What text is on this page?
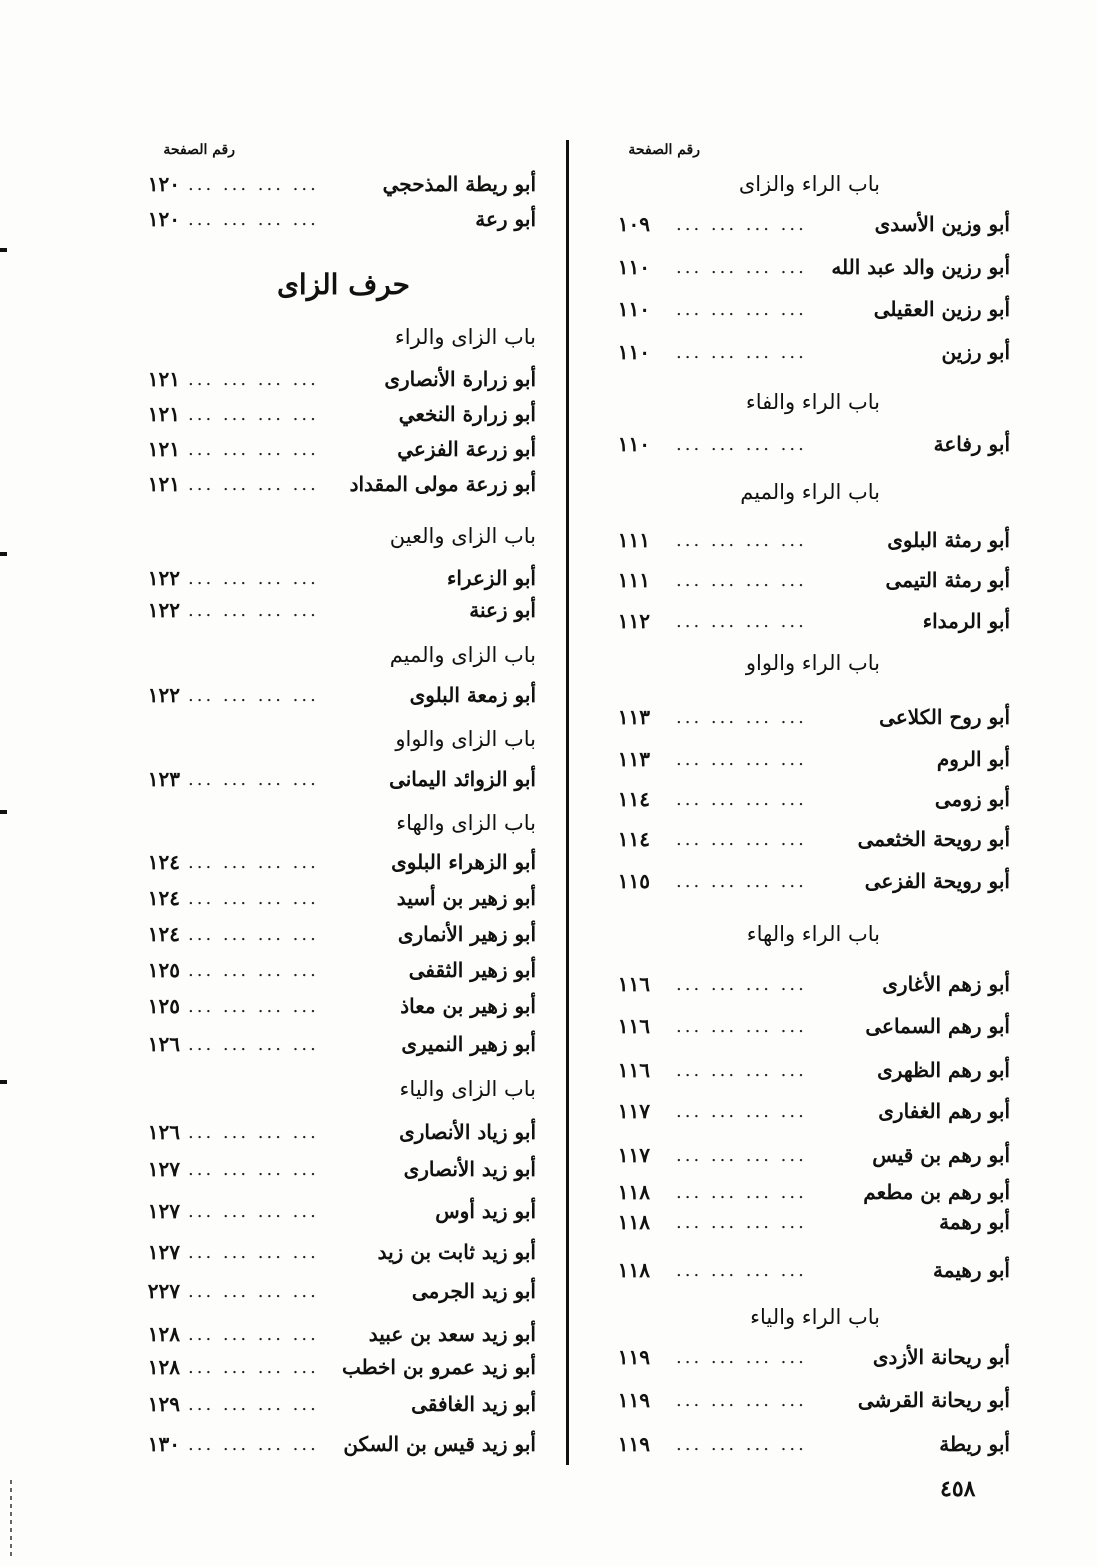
رقم الصفحة
أبو ريطة المذحجي
... ... ... ...
١٢٠
أبو رعة
... ... ... ...
١٢٠
حرف الزاى
باب الزاى والراء
أبو زرارة الأنصارى
... ... ... ...
١٢١
أبو زرارة النخعي
... ... ... ...
١٢١
أبو زرعة الفزعي
... ... ... ...
١٢١
أبو زرعة مولى المقداد
... ... ... ...
١٢١
باب الزاى والعين
أبو الزعراء
... ... ... ...
١٢٢
أبو زعنة
... ... ... ...
١٢٢
باب الزاى والميم
أبو زمعة البلوى
... ... ... ...
١٢٢
باب الزاى والواو
أبو الزوائد اليمانى
... ... ... ...
١٢٣
باب الزاى والهاء
أبو الزهراء البلوى
... ... ... ...
١٢٤
أبو زهير بن أسيد
... ... ... ...
١٢٤
أبو زهير الأنمارى
... ... ... ...
١٢٤
أبو زهير الثقفى
... ... ... ...
١٢٥
أبو زهير بن معاذ
... ... ... ...
١٢٥
أبو زهير النميرى
... ... ... ...
١٢٦
باب الزاى والياء
أبو زياد الأنصارى
... ... ... ...
١٢٦
أبو زيد الأنصارى
... ... ... ...
١٢٧
أبو زيد أوس
... ... ... ...
١٢٧
أبو زيد ثابت بن زيد
... ... ... ...
١٢٧
أبو زيد الجرمى
... ... ... ...
٢٢٧
أبو زيد سعد بن عبيد
... ... ... ...
١٢٨
أبو زيد عمرو بن اخطب
... ... ... ...
١٢٨
أبو زيد الغافقى
... ... ... ...
١٢٩
أبو زيد قيس بن السكن
... ... ... ...
١٣٠
رقم الصفحة
باب الراء والزاى
أبو وزين الأسدى
... ... ... ...
١٠٩
أبو رزين والد عبد الله
... ... ... ...
١١٠
أبو رزين العقيلى
... ... ... ...
١١٠
أبو رزين
... ... ... ...
١١٠
باب الراء والفاء
أبو رفاعة
... ... ... ...
١١٠
باب الراء والميم
أبو رمثة البلوى
... ... ... ...
١١١
أبو رمثة التيمى
... ... ... ...
١١١
أبو الرمداء
... ... ... ...
١١٢
باب الراء والواو
أبو روح الكلاعى
... ... ... ...
١١٣
أبو الروم
... ... ... ...
١١٣
أبو زومى
... ... ... ...
١١٤
أبو رويحة الخثعمى
... ... ... ...
١١٤
أبو رويحة الفزعى
... ... ... ...
١١٥
باب الراء والهاء
أبو زهم الأغارى
... ... ... ...
١١٦
أبو رهم السماعى
... ... ... ...
١١٦
أبو رهم الظهرى
... ... ... ...
١١٦
أبو رهم الغفارى
... ... ... ...
١١٧
أبو رهم بن قيس
... ... ... ...
١١٧
أبو رهم بن مطعم
... ... ... ...
١١٨
أبو رهمة
... ... ... ...
١١٨
أبو رهيمة
... ... ... ...
١١٨
باب الراء والياء
أبو ريحانة الأزدى
... ... ... ...
١١٩
أبو ريحانة القرشى
... ... ... ...
١١٩
أبو ريطة
... ... ... ...
١١٩
٤٥٨
